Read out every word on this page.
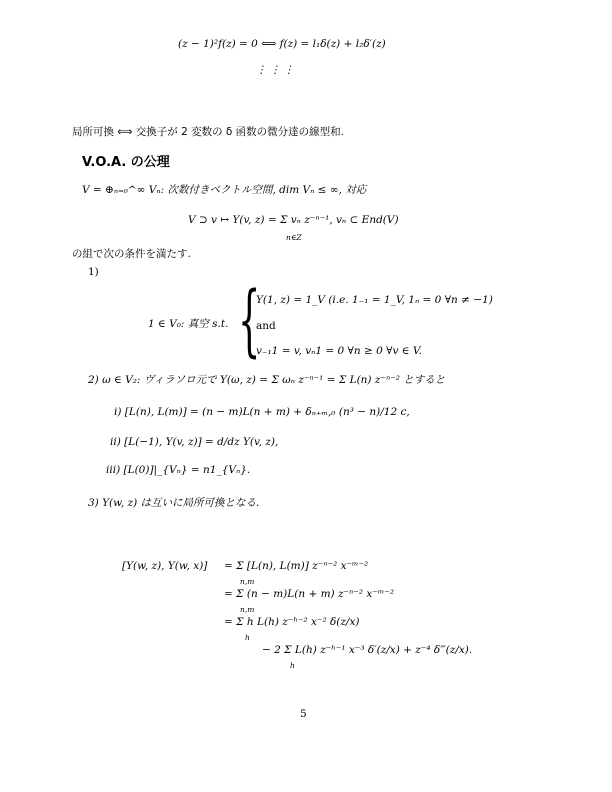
(z − 1)²f(z) = 0 ⟺ f(z) = l₁δ(z) + l₂δ′(z)
⋮ ⋮ ⋮
局所可換 ⟺ 交換子が 2 変数の δ 函数の微分達の線型和.
V.O.A. の公理
V = ⊕ₙ₌₀^∞ Vₙ: 次数付きベクトル空間, dim Vₙ ≤ ∞, 対応
V ⊃ v ↦ Y(v, z) = Σ vₙ z⁻ⁿ⁻¹, vₙ ⊂ End(V)
n∈Z
の組で次の条件を満たす.
1)
1 ∈ V₀: 真空 s.t. {
Y(1, z) = 1_V (i.e. 1₋₁ = 1_V, 1ₙ = 0 ∀n ≠ −1)
and
v₋₁1 = v, vₙ1 = 0 ∀n ≥ 0 ∀v ∈ V.
2) ω ∈ V₂: ヴィラソロ元で Y(ω, z) = Σ ωₙ z⁻ⁿ⁻¹ = Σ L(n) z⁻ⁿ⁻² とすると
i) [L(n), L(m)] = (n − m)L(n + m) + δₙ₊ₘ,₀ (n³ − n)/12 c,
ii) [L(−1), Y(v, z)] = d/dz Y(v, z),
iii) [L(0)]|_{Vₙ} = n1_{Vₙ}.
3) Y(w, z) は互いに局所可換となる.
[Y(w, z), Y(w, x)] = Σ [L(n), L(m)] z⁻ⁿ⁻² x⁻ᵐ⁻²
n,m
= Σ (n − m)L(n + m) z⁻ⁿ⁻² x⁻ᵐ⁻²
n,m
= Σ h L(h) z⁻ʰ⁻² x⁻² δ(z/x)
h
− 2 Σ L(h) z⁻ʰ⁻¹ x⁻³ δ′(z/x) + z⁻⁴ δ‴(z/x).
h
5
